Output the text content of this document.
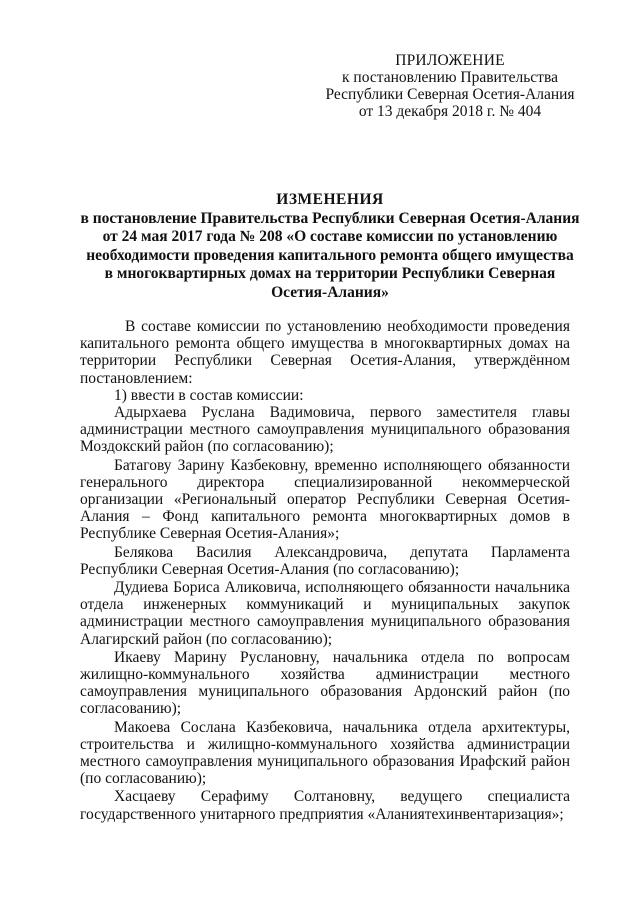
ПРИЛОЖЕНИЕ
к постановлению Правительства
Республики Северная Осетия-Алания
от 13 декабря 2018 г. № 404
ИЗМЕНЕНИЯ
в постановление Правительства Республики Северная Осетия-Алания
от 24 мая 2017 года № 208 «О составе комиссии по установлению
необходимости проведения капитального ремонта общего имущества
в многоквартирных домах на территории Республики Северная
Осетия-Алания»

В составе комиссии по установлению необходимости проведения капитального ремонта общего имущества в многоквартирных домах на территории Республики Северная Осетия-Алания, утверждённом постановлением:

1) ввести в состав комиссии:

Адырхаева Руслана Вадимовича, первого заместителя главы администрации местного самоуправления муниципального образования Моздокский район (по согласованию);

Батагову Зарину Казбековну, временно исполняющего обязанности генерального директора специализированной некоммерческой организации «Региональный оператор Республики Северная Осетия-Алания – Фонд капитального ремонта многоквартирных домов в Республике Северная Осетия-Алания»;

Белякова Василия Александровича, депутата Парламента Республики Северная Осетия-Алания (по согласованию);

Дудиева Бориса Аликовича, исполняющего обязанности начальника отдела инженерных коммуникаций и муниципальных закупок администрации местного самоуправления муниципального образования Алагирский район (по согласованию);

Икаеву Марину Руслановну, начальника отдела по вопросам жилищно-коммунального хозяйства администрации местного самоуправления муниципального образования Ардонский район (по согласованию);

Макоева Сослана Казбековича, начальника отдела архитектуры, строительства и жилищно-коммунального хозяйства администрации местного самоуправления муниципального образования Ирафский район (по согласованию);

Хасцаеву Серафиму Солтановну, ведущего специалиста государственного унитарного предприятия «Аланиятехинвентаризация»;
